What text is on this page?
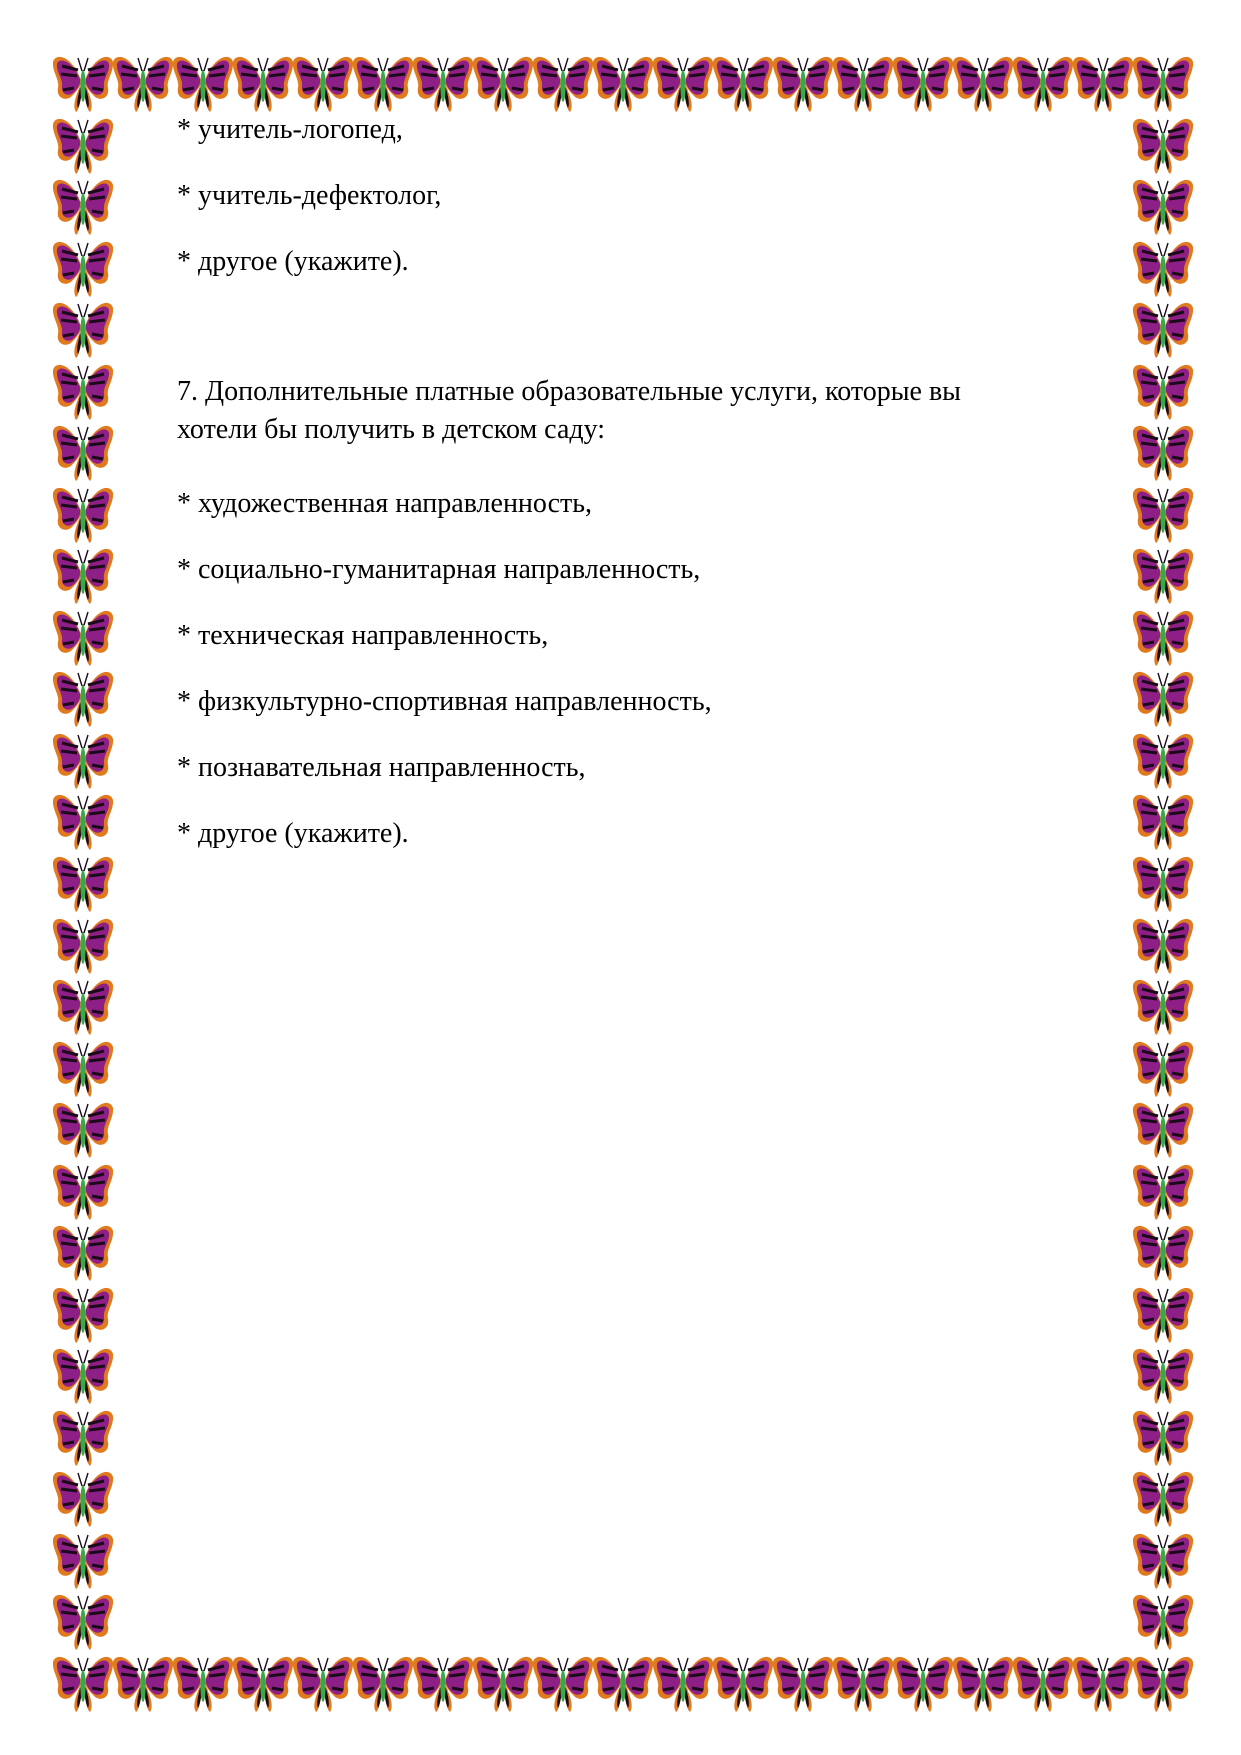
* учитель-логопед,
* учитель-дефектолог,
* другое (укажите).
7. Дополнительные платные образовательные услуги, которые вы
хотели бы получить в детском саду:
* художественная направленность,
* социально-гуманитарная направленность,
* техническая направленность,
* физкультурно-спортивная направленность,
* познавательная направленность,
* другое (укажите).
